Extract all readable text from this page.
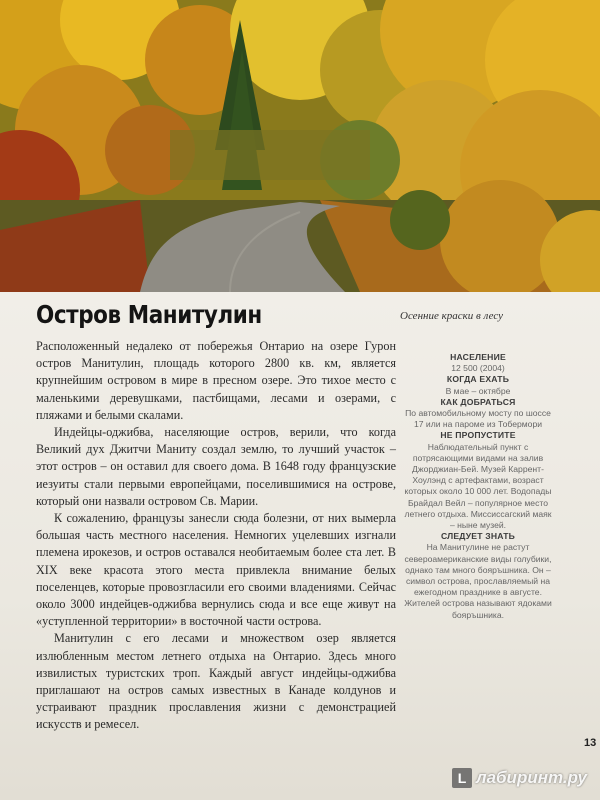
Остров Манитулин	Осенние краски в лесу

Расположенный недалеко от побережья Онтарио на озере Гурон остров Манитулин, площадь которого 2800 кв. км, является крупнейшим островом в мире в пресном озере. Это тихое место с маленькими деревушками, пастбищами, лесами и озерами, с пляжами и белыми скалами.

Индейцы-оджибва, населяющие остров, верили, что когда Великий дух Джитчи Маниту создал землю, то лучший участок – этот остров – он оставил для своего дома. В 1648 году французские иезуиты стали первыми европейцами, поселившимися на острове, который они назвали островом Св. Марии.

К сожалению, французы занесли сюда болезни, от них вымерла большая часть местного населения. Немногих уцелевших изгнали племена ирокезов, и остров оставался необитаемым более ста лет. В XIX веке красота этого места привлекла внимание белых поселенцев, которые провозгласили его своими владениями. Сейчас около 3000 индейцев-оджибва вернулись сюда и все еще живут на «уступленной территории» в восточной части острова.

Манитулин с его лесами и множеством озер является излюбленным местом летнего отдыха на Онтарио. Здесь много извилистых туристских троп. Каждый август индейцы-оджибва приглашают на остров самых известных в Канаде колдунов и устраивают праздник прославления жизни с демонстрацией искусств и ремесел.

НАСЕЛЕНИЕ
12 500 (2004)
КОГДА ЕХАТЬ
В мае – октябре
КАК ДОБРАТЬСЯ
По автомобильному мосту по шоссе 17 или на пароме из Тобермори
НЕ ПРОПУСТИТЕ
Наблюдательный пункт с потрясающими видами на залив Джорджиан-Бей. Музей Каррент-Хоулэнд с артефактами, возраст которых около 10 000 лет. Водопады Брайдал Вейл – популярное место летнего отдыха. Миссиссагский маяк – ныне музей.
СЛЕДУЕТ ЗНАТЬ
На Манитулине не растут североамериканские виды голубики, однако там много бояръшника. Он – символ острова, прославляемый на ежегодном празднике в августе. Жителей острова называют ядоками бояръшника.
13
L лабиринт.ру
